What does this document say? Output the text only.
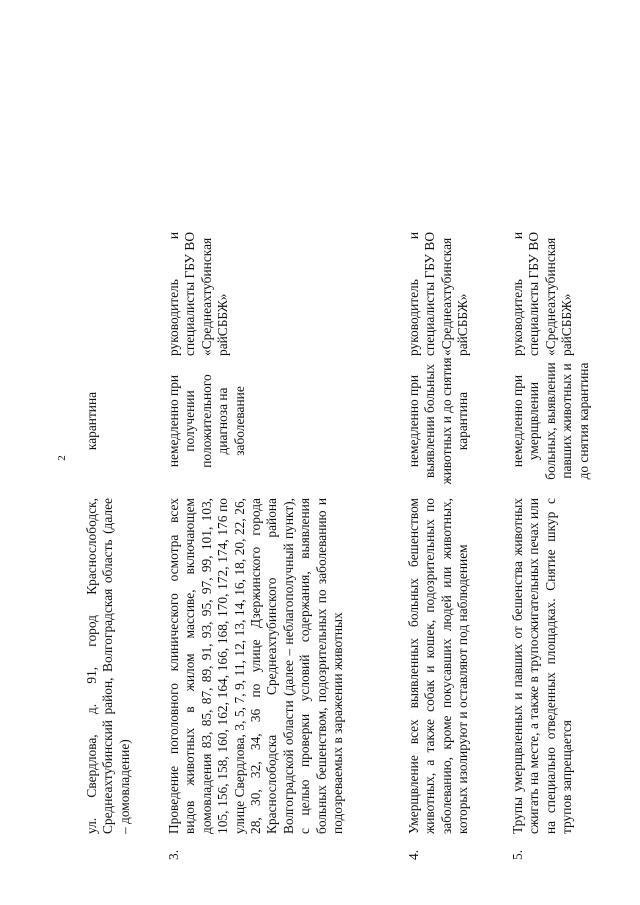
2

ул. Свердлова, д. 91, город Краснослободск, Среднеахтубинский район, Волгоградская область (далее – домовладение)

карантина

3.

Проведение поголовного клинического осмотра всех видов животных в жилом массиве, включающем домовладения 83, 85, 87, 89, 91, 93, 95, 97, 99, 101, 103, 105, 156, 158, 160, 162, 164, 166, 168, 170, 172, 174, 176 по улице Свердлова, 3, 5, 7, 9, 11, 12, 13, 14, 16, 18, 20, 22, 26, 28, 30, 32, 34, 36 по улице Дзержинского города Краснослободска Среднеахтубинского района Волгоградской области (далее – неблагополучный пункт), с целью проверки условий содержания, выявления больных бешенством, подозрительных по заболеванию и подозреваемых в заражении животных

немедленно при получении положительного диагноза на заболевание

руководитель и специалисты ГБУ ВО «Среднеахтубинская райСББЖ»

4.

Умерщвление всех выявленных больных бешенством животных, а также собак и кошек, подозрительных по заболеванию, кроме покусавших людей или животных, которых изолируют и оставляют под наблюдением

немедленно при выявлении больных животных и до снятия карантина

руководитель и специалисты ГБУ ВО «Среднеахтубинская райСББЖ»

5.

Трупы умерщвленных и павших от бешенства животных сжигать на месте, а также в трупосжигательных печах или на специально отведенных площадках. Снятие шкур с трупов запрещается

немедленно при умерщвлении больных, выявлении павших животных и до снятия карантина

руководитель и специалисты ГБУ ВО «Среднеахтубинская райСББЖ»
